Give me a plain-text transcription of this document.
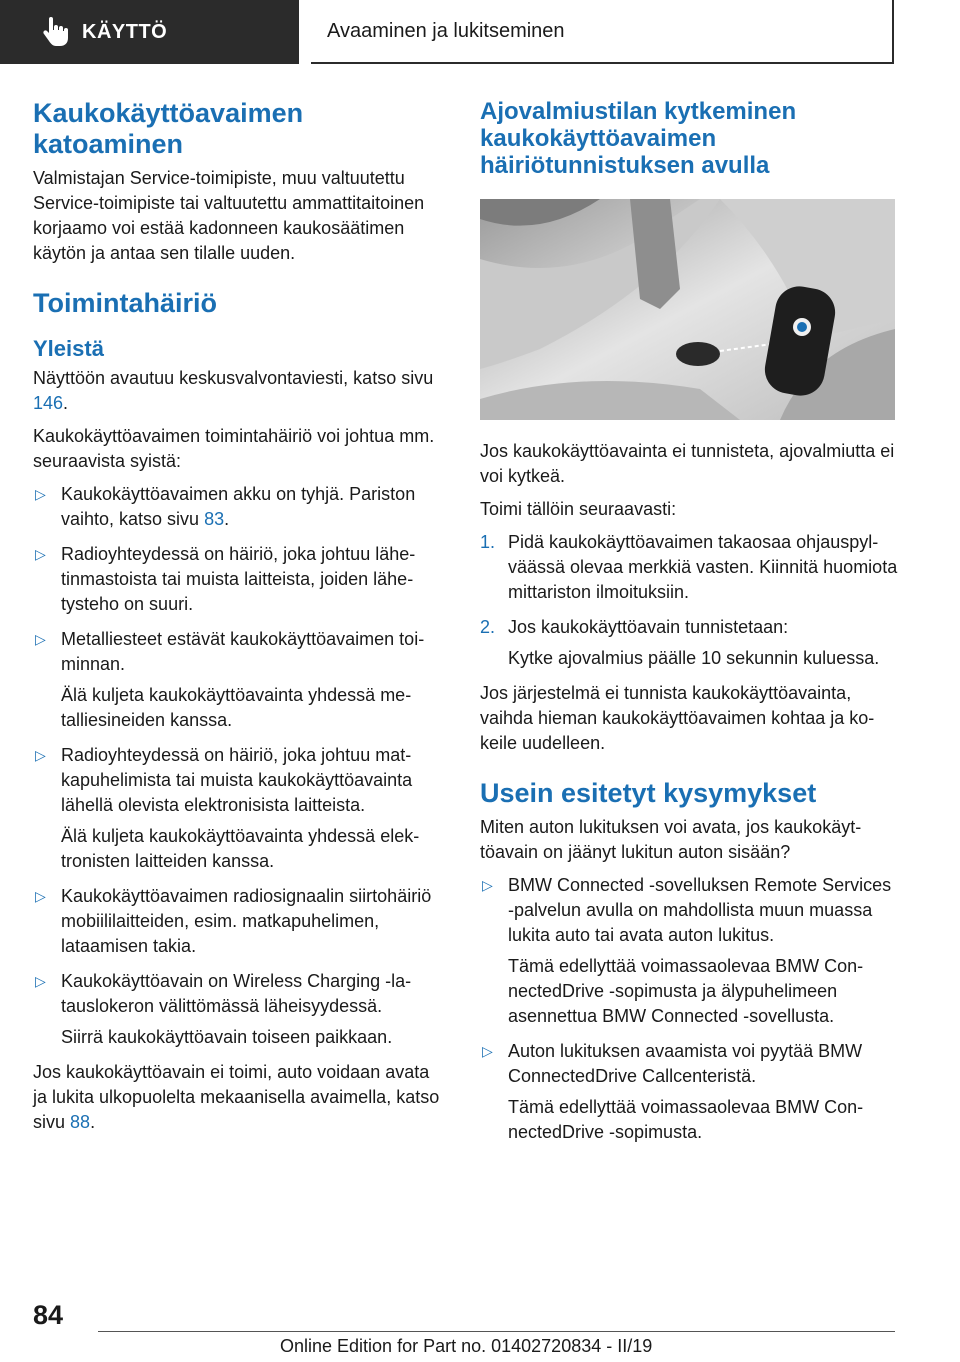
KÄYTTÖ	Avaaminen ja lukitseminen
Kaukokäyttöavaimen katoaminen

Valmistajan Service-toimipiste, muu valtuutettu Service-toimipiste tai valtuutettu ammattitaitoinen korjaamo voi estää kadonneen kaukosäätimen käytön ja antaa sen tilalle uuden.

Toimintahäiriö
Yleistä

Näyttöön avautuu keskusvalvontaviesti, katso sivu 146.

Kaukokäyttöavaimen toimintahäiriö voi johtua mm. seuraavista syistä:

▷ Kaukokäyttöavaimen akku on tyhjä. Pariston vaihto, katso sivu 83.

▷ Radioyhteydessä on häiriö, joka johtuu lähetinmastoista tai muista laitteista, joiden lähetysteho on suuri.

▷ Metalliesteet estävät kaukokäyttöavaimen toiminnan.

Älä kuljeta kaukokäyttöavainta yhdessä metalliesineiden kanssa.

▷ Radioyhteydessä on häiriö, joka johtuu matkapuhelimista tai muista kaukokäyttöavainta lähellä olevista elektronisista laitteista.

Älä kuljeta kaukokäyttöavainta yhdessä elektronisten laitteiden kanssa.

▷ Kaukokäyttöavaimen radiosignaalin siirtohäiriö mobiililaitteiden, esim. matkapuhelimen, lataamisen takia.

▷ Kaukokäyttöavain on Wireless Charging -latauslokeron välittömässä läheisyydessä.

Siirrä kaukokäyttöavain toiseen paikkaan.

Jos kaukokäyttöavain ei toimi, auto voidaan avata ja lukita ulkopuolelta mekaanisella avaimella, katso sivu 88.

Ajovalmiustilan kytkeminen kaukokäyttöavaimen häiriötunnistuksen avulla

Jos kaukokäyttöavainta ei tunnisteta, ajovalmiutta ei voi kytkeä.

Toimi tällöin seuraavasti:

1. Pidä kaukokäyttöavaimen takaosaa ohjauspylväässä olevaa merkkiä vasten. Kiinnitä huomiota mittariston ilmoituksiin.

2. Jos kaukokäyttöavain tunnistetaan:

Kytke ajovalmius päälle 10 sekunnin kuluessa.

Jos järjestelmä ei tunnista kaukokäyttöavainta, vaihda hieman kaukokäyttöavaimen kohtaa ja kokeile uudelleen.

Usein esitetyt kysymykset

Miten auton lukituksen voi avata, jos kaukokäyttöavain on jäänyt lukitun auton sisään?

▷ BMW Connected -sovelluksen Remote Services -palvelun avulla on mahdollista muun muassa lukita auto tai avata auton lukitus.

Tämä edellyttää voimassaolevaa BMW ConnectedDrive -sopimusta ja älypuhelimeen asennettua BMW Connected -sovellusta.

▷ Auton lukituksen avaamista voi pyytää BMW ConnectedDrive Callcenteristä.

Tämä edellyttää voimassaolevaa BMW ConnectedDrive -sopimusta.

84
Online Edition for Part no. 01402720834 - II/19
